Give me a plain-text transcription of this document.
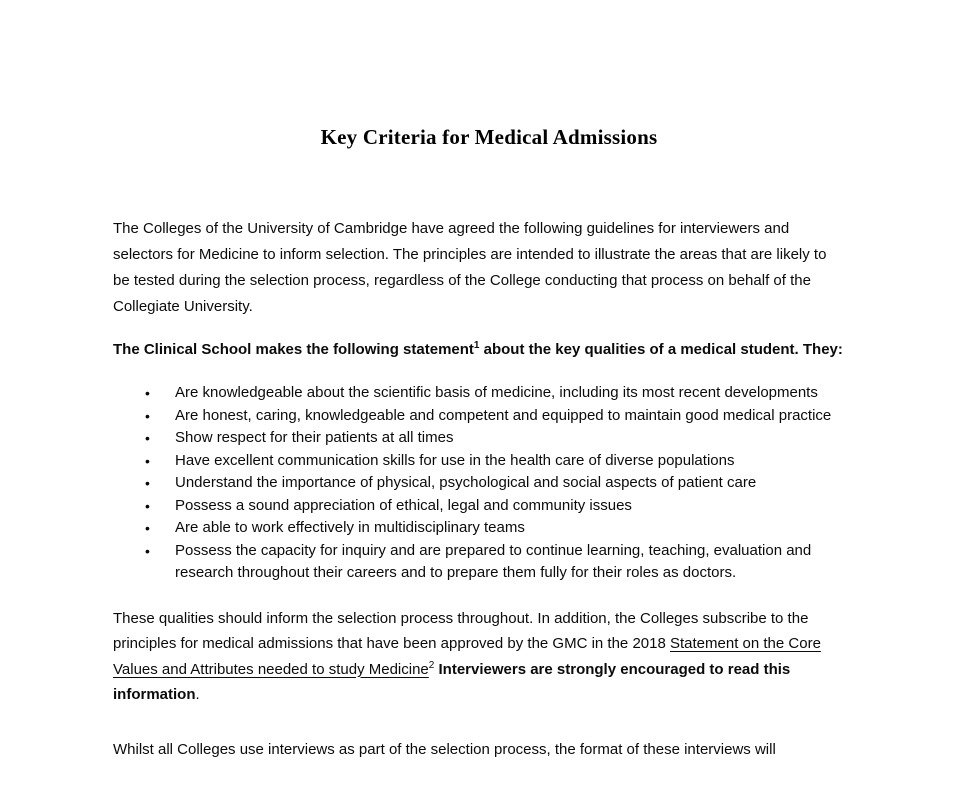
Key Criteria for Medical Admissions

The Colleges of the University of Cambridge have agreed the following guidelines for interviewers and selectors for Medicine to inform selection. The principles are intended to illustrate the areas that are likely to be tested during the selection process, regardless of the College conducting that process on behalf of the Collegiate University.

The Clinical School makes the following statement$^1$ about the key qualities of a medical student. They:

•	Are knowledgeable about the scientific basis of medicine, including its most recent developments
•	Are honest, caring, knowledgeable and competent and equipped to maintain good medical practice
•	Show respect for their patients at all times
•	Have excellent communication skills for use in the health care of diverse populations
•	Understand the importance of physical, psychological and social aspects of patient care
•	Possess a sound appreciation of ethical, legal and community issues
•	Are able to work effectively in multidisciplinary teams
•	Possess the capacity for inquiry and are prepared to continue learning, teaching, evaluation and research throughout their careers and to prepare them fully for their roles as doctors.

These qualities should inform the selection process throughout. In addition, the Colleges subscribe to the principles for medical admissions that have been approved by the GMC in the 2018 Statement on the Core Values and Attributes needed to study Medicine$^2$ Interviewers are strongly encouraged to read this information.

Whilst all Colleges use interviews as part of the selection process, the format of these interviews will
